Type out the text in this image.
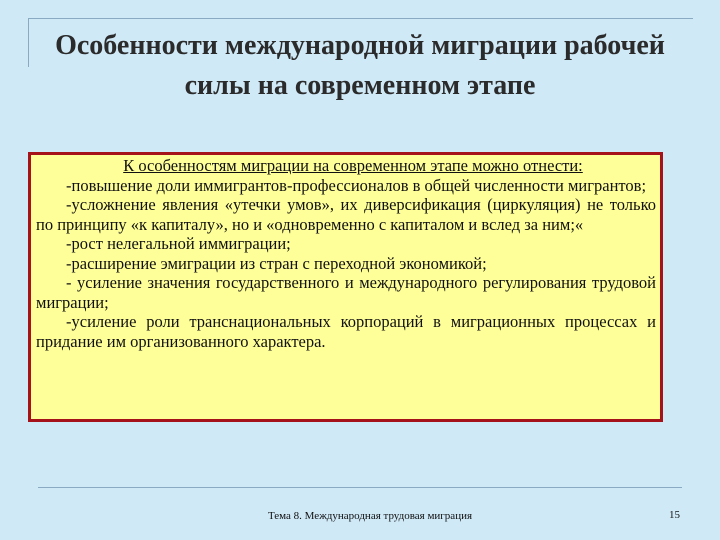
Особенности международной миграции рабочей силы на современном этапе

К особенностям миграции на современном этапе можно отнести:

-повышение доли иммигрантов-профессионалов в общей численности мигрантов;

-усложнение явления «утечки умов», их диверсификация (циркуляция) не только по принципу «к капиталу», но и «одновременно с капиталом и вслед за ним;«

-рост нелегальной иммиграции;

-расширение эмиграции из стран с переходной экономикой;

- усиление значения государственного и международного регулирования трудовой миграции;

-усиление роли транснациональных корпораций в миграционных процессах и придание им организованного характера.

Тема 8. Международная трудовая миграция	15
